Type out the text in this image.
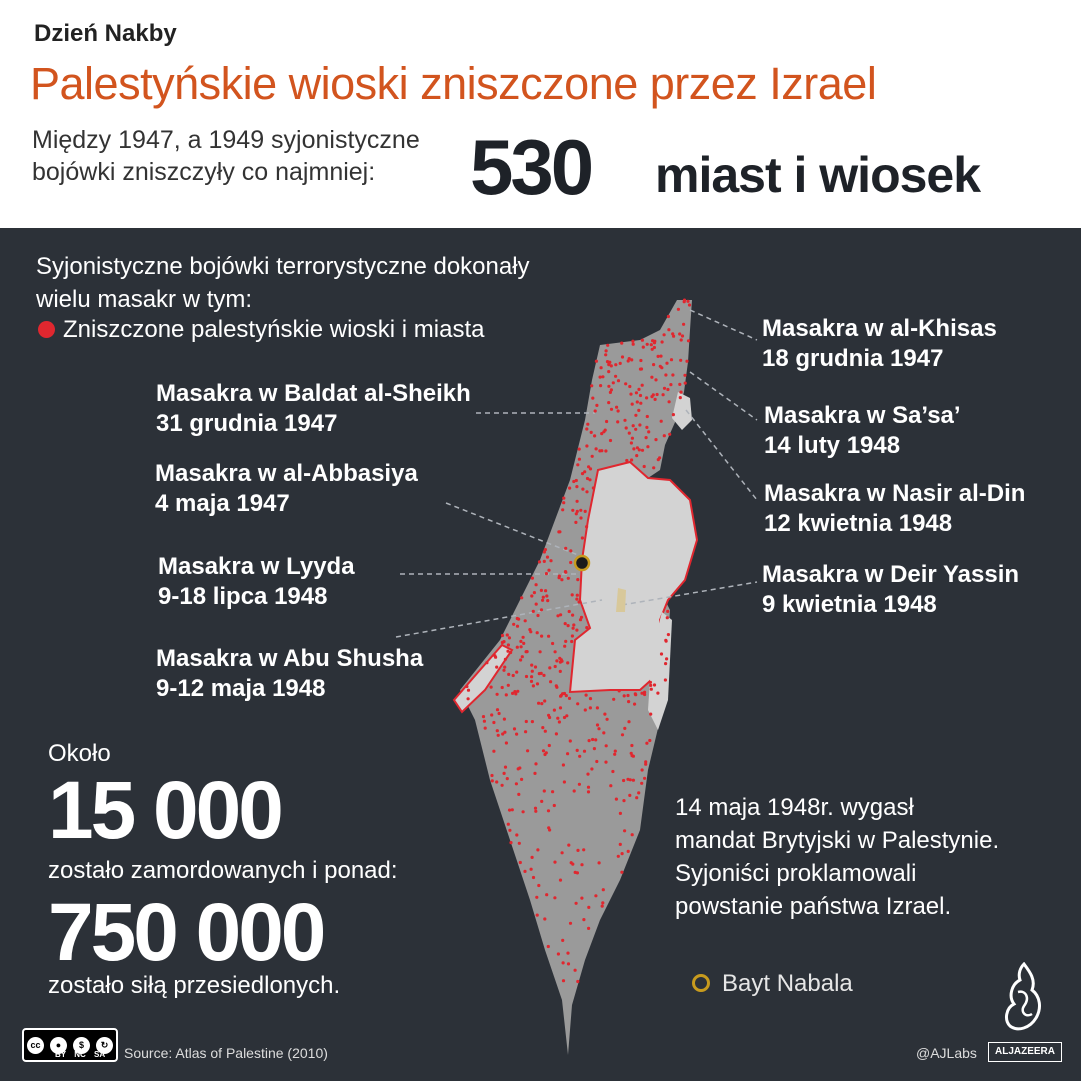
Dzień Nakby
Palestyńskie wioski zniszczone przez Izrael
Między 1947, a 1949 syjonistyczne
bojówki zniszczyły co najmniej:	530 miast i wiosek
Syjonistyczne bojówki terrorystyczne dokonały
wielu masakr w tym:
Zniszczone palestyńskie wioski i miasta	Masakra w al-Khisas
18 grudnia 1947
Masakra w Baldat al-Sheikh
31 grudnia 1947	Masakra w Sa’sa’
14 luty 1948
Masakra w al-Abbasiya
4 maja 1947	Masakra w Nasir al-Din
12 kwietnia 1948
Masakra w Lyyda
9-18 lipca 1948
Masakra w Deir Yassin
9 kwietnia 1948
Masakra w Abu Shusha
9-12 maja 1948
Około
15 000
zostało zamordowanych i ponad:
750 000
zostało siłą przesiedlonych.
14 maja 1948r. wygasł
mandat Brytyjski w Palestynie.
Syjoniści proklamowali
powstanie państwa Izrael.
Bayt Nabala
cc	●	$	↻
BY NC SA Source: Atlas of Palestine (2010)	@AJLabs	ALJAZEERA
